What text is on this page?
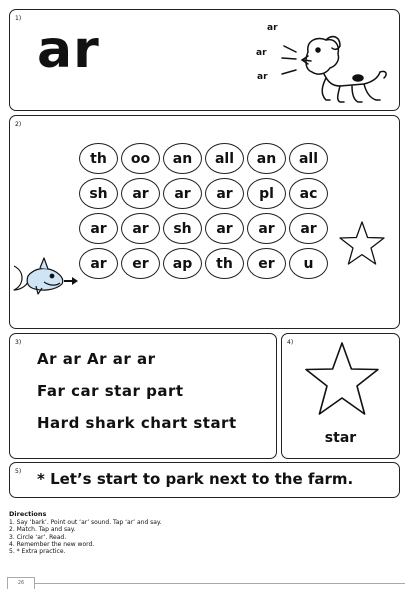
1)
ar	ar
ar
ar
2)
th	oo	an	all	an	all
sh	ar	ar	ar	pl	ac
ar	ar	sh	ar	ar	ar
ar	er	ap	th	er	u
3)
Ar ar Ar ar ar
Far car star part
Hard shark chart start
4)
star
5) * Let’s start to park next to the farm.
Directions
1. Say ‘bark’. Point out ‘ar’ sound. Tap ‘ar’ and say.
2. Match. Tap and say.
3. Circle ‘ar’. Read.
4. Remember the new word.
5. * Extra practice.
26
